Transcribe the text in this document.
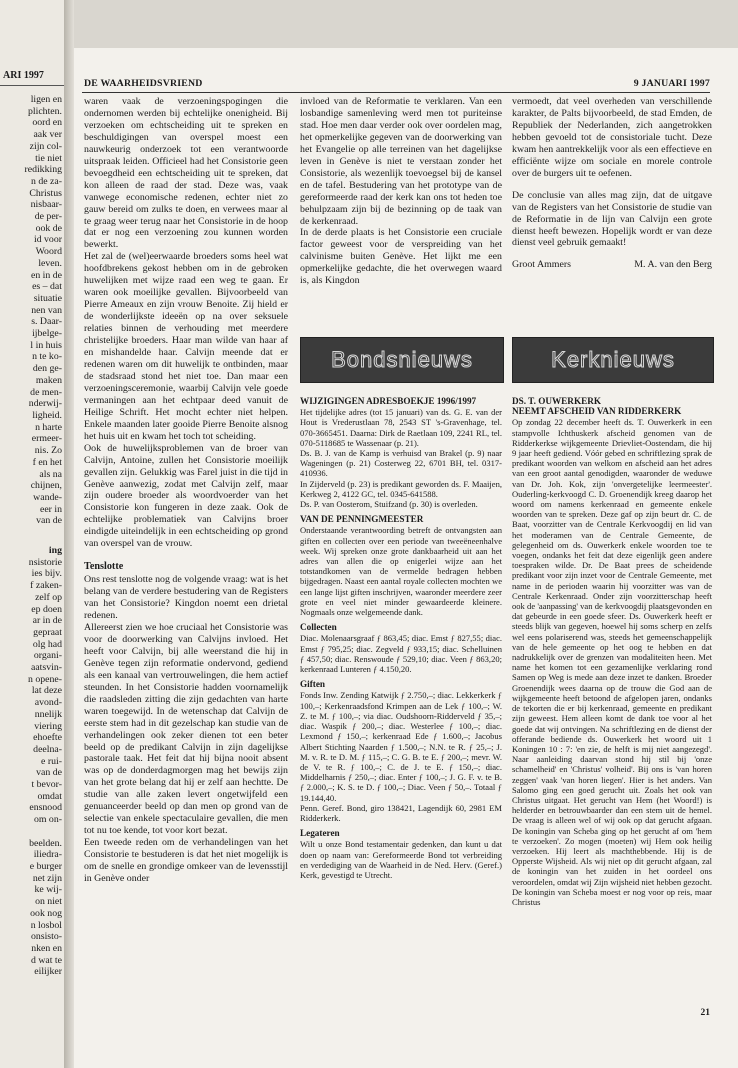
ARI 1997
ligen en
plichten.
oord en
aak ver
zijn col-
tie niet
redikking
n de za-
Christus
nisbaar-
de per-
ook de
id voor
Woord
leven.
en in de
es – dat
situatie
nen van
s. Daar-
ijbelge-
l in huis
n te ko-
den ge-
maken
de men-
nderwij-
ligheid.
n harte
ermeer-
nis. Zo
f en het
als na
chijnen,
wande-
eer in
van de
ing
nsistorie
ies bijv.
f zaken-
zelf op
ep doen
ar in de
gepraat
olg had
organi-
aatsvin-
n opene-
lat deze
avond-
nnelijk
viering
ehoefte
deelna-
e rui-
van de
t bevor-
omdat
ensnood
om on-

beelden.
iliedra-
e burger
net zijn
ke wij-
on niet
ook nog
n losbol
onsisto-
nken en
d wat te
eilijker
DE WAARHEIDSVRIEND	9 JANUARI 1997

waren vaak de verzoeningspogingen die ondernomen werden bij echtelijke onenigheid. Bij verzoeken om echtscheiding uit te spreken en beschuldigingen van overspel moest een nauwkeurig onderzoek tot een verantwoorde uitspraak leiden. Officieel had het Consistorie geen bevoegdheid een echtscheiding uit te spreken, dat kon alleen de raad der stad. Deze was, vaak vanwege economische redenen, echter niet zo gauw bereid om zulks te doen, en verwees maar al te graag weer terug naar het Consistorie in de hoop dat er nog een verzoening zou kunnen worden bewerkt.

Het zal de (wel)eerwaarde broeders soms heel wat hoofdbrekens gekost hebben om in de gebroken huwelijken met wijze raad een weg te gaan. Er waren ook moeilijke gevallen. Bijvoorbeeld van Pierre Ameaux en zijn vrouw Benoite. Zij hield er de wonderlijkste ideeën op na over seksuele relaties binnen de verhouding met meerdere christelijke broeders. Haar man wilde van haar af en mishandelde haar. Calvijn meende dat er redenen waren om dit huwelijk te ontbinden, maar de stadsraad stond het niet toe. Dan maar een verzoeningsceremonie, waarbij Calvijn vele goede vermaningen aan het echtpaar deed vanuit de Heilige Schrift. Het mocht echter niet helpen. Enkele maanden later gooide Pierre Benoite alsnog het huis uit en kwam het toch tot scheiding.

Ook de huwelijksproblemen van de broer van Calvijn, Antoine, zullen het Consistorie moeilijk gevallen zijn. Gelukkig was Farel juist in die tijd in Genève aanwezig, zodat met Calvijn zelf, maar zijn oudere broeder als woordvoerder van het Consistorie kon fungeren in deze zaak. Ook de echtelijke problematiek van Calvijns broer eindigde uiteindelijk in een echtscheiding op grond van overspel van de vrouw.

Tenslotte

Ons rest tenslotte nog de volgende vraag: wat is het belang van de verdere bestudering van de Registers van het Consistorie? Kingdon noemt een drietal redenen.

Allereerst zien we hoe cruciaal het Consistorie was voor de doorwerking van Calvijns invloed. Het heeft voor Calvijn, bij alle weerstand die hij in Genève tegen zijn reformatie ondervond, gediend als een kanaal van vertrouwelingen, die hem actief steunden. In het Consistorie hadden voornamelijk die raadsleden zitting die zijn gedachten van harte waren toegewijd. In de wetenschap dat Calvijn de eerste stem had in dit gezelschap kan studie van de verhandelingen ook zeker dienen tot een beter beeld op de predikant Calvijn in zijn dagelijkse pastorale taak. Het feit dat hij bijna nooit absent was op de donderdagmorgen mag het bewijs zijn van het grote belang dat hij er zelf aan hechtte. De studie van alle zaken levert ongetwijfeld een genuanceerder beeld op dan men op grond van de selectie van enkele spectaculaire gevallen, die men tot nu toe kende, tot voor kort bezat.

Een tweede reden om de verhandelingen van het Consistorie te bestuderen is dat het niet mogelijk is om de snelle en grondige omkeer van de levensstijl in Genève onder

invloed van de Reformatie te verklaren. Van een losbandige samenleving werd men tot puriteinse stad. Hoe men daar verder ook over oordelen mag, het opmerkelijke gegeven van de doorwerking van het Evangelie op alle terreinen van het dagelijkse leven in Genève is niet te verstaan zonder het Consistorie, als wezenlijk toevoegsel bij de kansel en de tafel. Bestudering van het prototype van de gereformeerde raad der kerk kan ons tot heden toe behulpzaam zijn bij de bezinning op de taak van de kerkenraad.

In de derde plaats is het Consistorie een cruciale factor geweest voor de verspreiding van het calvinisme buiten Genève. Het lijkt me een opmerkelijke gedachte, die het overwegen waard is, als Kingdon

vermoedt, dat veel overheden van verschillende karakter, de Palts bijvoorbeeld, de stad Emden, de Republiek der Nederlanden, zich aangetrokken hebben gevoeld tot de consistoriale tucht. Deze kwam hen aantrekkelijk voor als een effectieve en efficiënte wijze om sociale en morele controle over de burgers uit te oefenen.

De conclusie van alles mag zijn, dat de uitgave van de Registers van het Consistorie de studie van de Reformatie in de lijn van Calvijn een grote dienst heeft bewezen. Hopelijk wordt er van deze dienst veel gebruik gemaakt!

Groot Ammers	M. A. van den Berg
Bondsnieuws	Kerknieuws
WIJZIGINGEN ADRESBOEKJE 1996/1997

Het tijdelijke adres (tot 15 januari) van ds. G. E. van der Hout is Vrederustlaan 78, 2543 ST 's-Gravenhage, tel. 070-3665451. Daarna: Dirk de Raetlaan 109, 2241 RL, tel. 070-5118685 te Wassenaar (p. 21).

Ds. B. J. van de Kamp is verhuisd van Brakel (p. 9) naar Wageningen (p. 21) Costerweg 22, 6701 BH, tel. 0317-410936.

In Zijderveld (p. 23) is predikant geworden ds. F. Maaijen, Kerkweg 2, 4122 GC, tel. 0345-641588.

Ds. P. van Oosterom, Stuifzand (p. 30) is overleden.

VAN DE PENNINGMEESTER

Onderstaande verantwoording betreft de ontvangsten aan giften en collecten over een periode van tweeëneenhalve week. Wij spreken onze grote dankbaarheid uit aan het adres van allen die op enigerlei wijze aan het totstandkomen van de vermelde bedragen hebben bijgedragen. Naast een aantal royale collecten mochten we een lange lijst giften inschrijven, waaronder meerdere zeer grote en veel niet minder gewaardeerde kleinere. Nogmaals onze welgemeende dank.

Collecten

Diac. Molenaarsgraaf ƒ 863,45; diac. Emst ƒ 827,55; diac. Emst ƒ 795,25; diac. Zegveld ƒ 933,15; diac. Schelluinen ƒ 457,50; diac. Renswoude ƒ 529,10; diac. Veen ƒ 863,20; kerkenraad Lunteren ƒ 4.150,20.

Giften

Fonds Inw. Zending Katwijk ƒ 2.750,–; diac. Lekkerkerk ƒ 100,–; Kerkenraadsfond Krimpen aan de Lek ƒ 100,–; W. Z. te M. ƒ 100,–; via diac. Oudshoorn-Ridderveld ƒ 35,–; diac. Waspik ƒ 200,–; diac. Westerlee ƒ 100,–; diac. Lexmond ƒ 150,–; kerkenraad Ede ƒ 1.600,–; Jacobus Albert Stichting Naarden ƒ 1.500,–; N.N. te R. ƒ 25,–; J. M. v. R. te D. M. ƒ 115,–; C. G. B. te E. ƒ 200,–; mevr. W. de V. te R. ƒ 100,–; C. de J. te E. ƒ 150,–; diac. Middelharnis ƒ 250,–; diac. Enter ƒ 100,–; J. G. F. v. te B. ƒ 2.000,–; K. S. te D. ƒ 100,–; Diac. Veen ƒ 50,–. Totaal ƒ 19.144,40.

Penn. Geref. Bond, giro 138421, Lagendijk 60, 2981 EM Ridderkerk.

Legateren

Wilt u onze Bond testamentair gedenken, dan kunt u dat doen op naam van: Gereformeerde Bond tot verbreiding en verdediging van de Waarheid in de Ned. Herv. (Geref.) Kerk, gevestigd te Utrecht.

DS. T. OUWERKERK
NEEMT AFSCHEID VAN RIDDERKERK

Op zondag 22 december heeft ds. T. Ouwerkerk in een stampvolle Ichthuskerk afscheid genomen van de Ridderkerkse wijkgemeente Drievliet-Oostendam, die hij 9 jaar heeft gediend. Vóór gebed en schriftlezing sprak de predikant woorden van welkom en afscheid aan het adres van een groot aantal genodigden, waaronder de weduwe van Dr. Joh. Kok, zijn 'onvergetelijke leermeester'. Ouderling-kerkvoogd C. D. Groenendijk kreeg daarop het woord om namens kerkenraad en gemeente enkele woorden van te spreken. Deze gaf op zijn beurt dr. C. de Baat, voorzitter van de Centrale Kerkvoogdij en lid van het moderamen van de Centrale Gemeente, de gelegenheid om ds. Ouwerkerk enkele woorden toe te voegen, ondanks het feit dat deze eigenlijk geen andere toespraken wilde. Dr. De Baat prees de scheidende predikant voor zijn inzet voor de Centrale Gemeente, met name in de perioden waarin hij voorzitter was van de Centrale Kerkenraad. Onder zijn voorzitterschap heeft ook de 'aanpassing' van de kerkvoogdij plaatsgevonden en dat gebeurde in een goede sfeer. Ds. Ouwerkerk heeft er steeds blijk van gegeven, hoewel hij soms scherp en zelfs wel eens polariserend was, steeds het gemeenschappelijk van de hele gemeente op het oog te hebben en dat nadrukkelijk over de grenzen van modaliteiten heen. Met name het komen tot een gezamenlijke verklaring rond Samen op Weg is mede aan deze inzet te danken. Broeder Groenendijk wees daarna op de trouw die God aan de wijkgemeente heeft betoond de afgelopen jaren, ondanks de tekorten die er bij kerkenraad, gemeente en predikant zijn geweest. Hem alleen komt de dank toe voor al het goede dat wij ontvingen. Na schriftlezing en de dienst der offerande bediende ds. Ouwerkerk het woord uit 1 Koningen 10 : 7: 'en zie, de helft is mij niet aangezegd'. Naar aanleiding daarvan stond hij stil bij 'onze schamelheid' en 'Christus' volheid'. Bij ons is 'van horen zeggen' vaak 'van horen liegen'. Hier is het anders. Van Salomo ging een goed gerucht uit. Zoals het ook van Christus uitgaat. Het gerucht van Hem (het Woord!) is helderder en betrouwbaarder dan een stem uit de hemel. De vraag is alleen wel of wij ook op dat gerucht afgaan. De koningin van Scheba ging op het gerucht af om 'hem te verzoeken'. Zo mogen (moeten) wij Hem ook heilig verzoeken. Hij leert als machthebbende. Hij is de Opperste Wijsheid. Als wij niet op dit gerucht afgaan, zal de koningin van het zuiden in het oordeel ons veroordelen, omdat wij Zijn wijsheid niet hebben gezocht. De koningin van Scheba moest er nog voor op reis, maar Christus

21
